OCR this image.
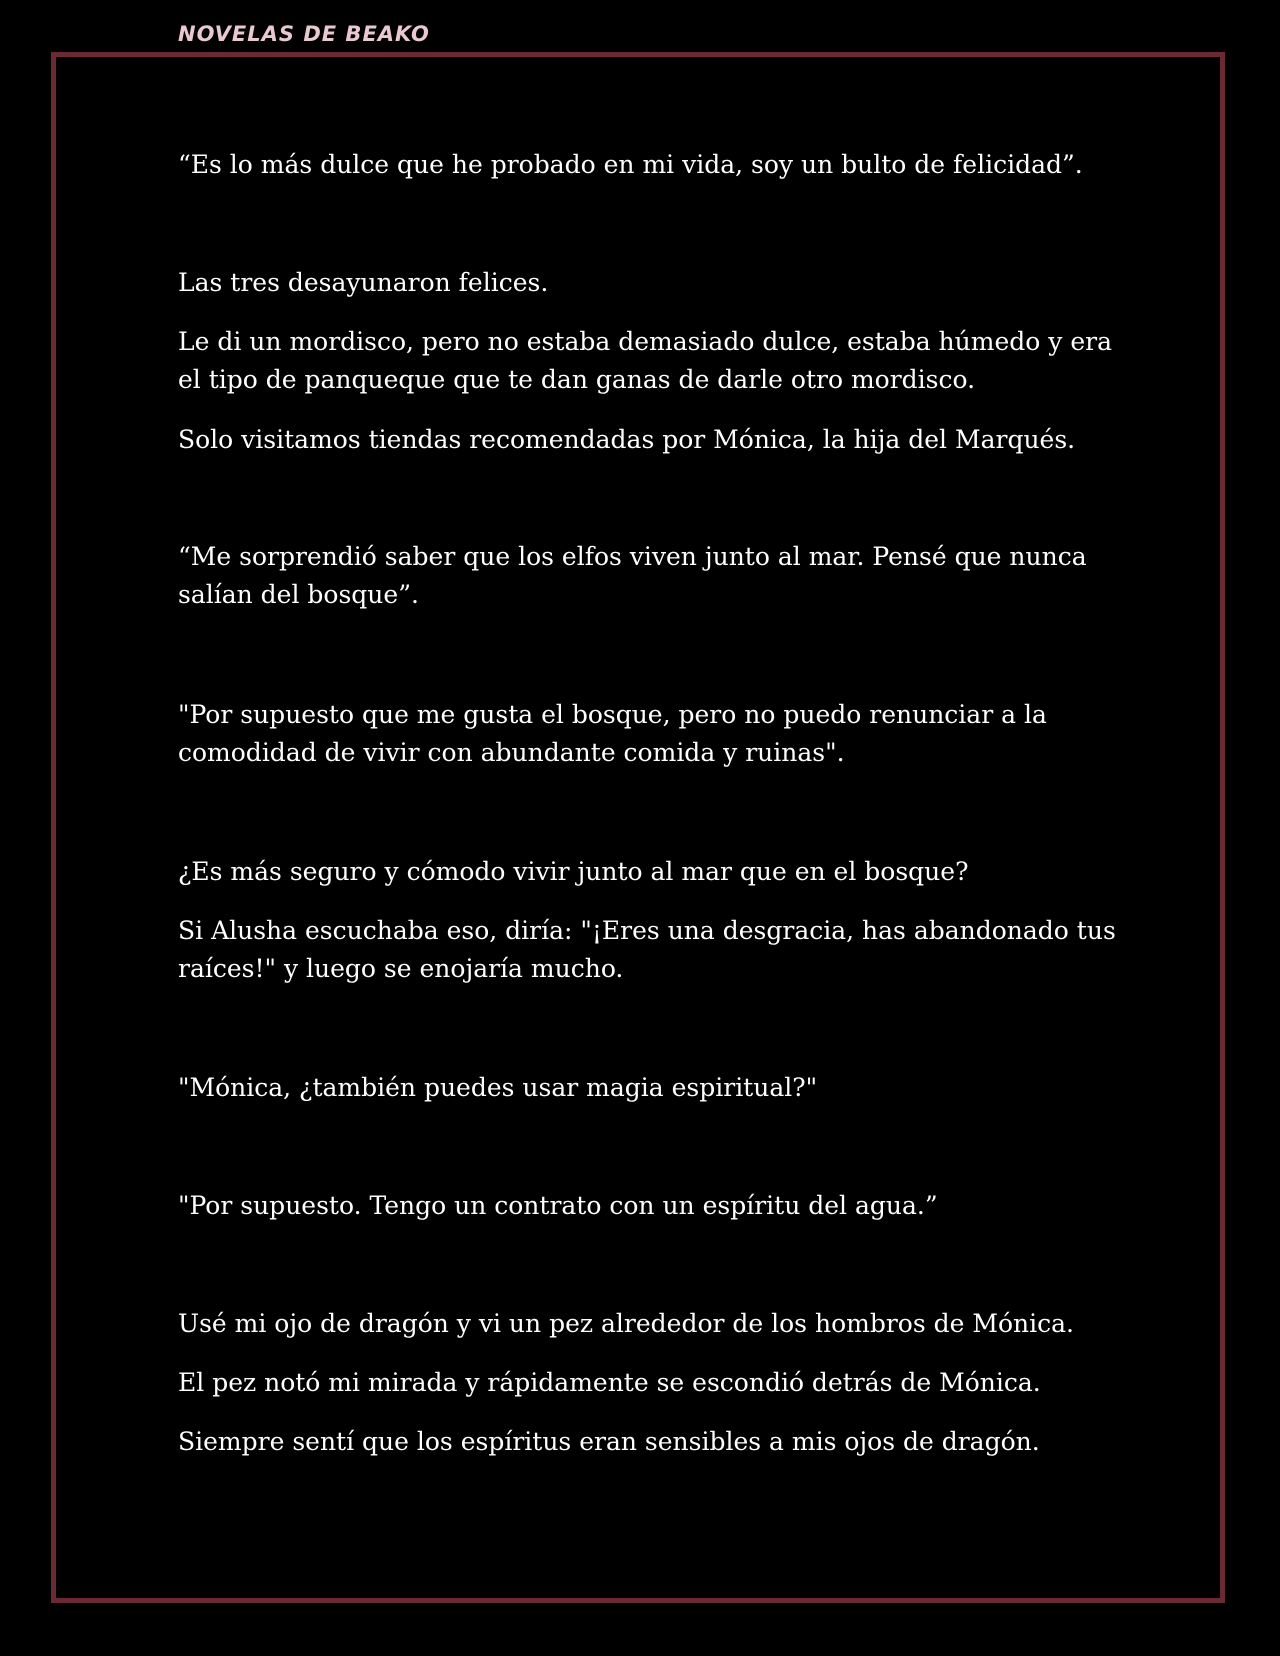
NOVELAS DE BEAKO

“Es lo más dulce que he probado en mi vida, soy un bulto de felicidad”.

Las tres desayunaron felices.

Le di un mordisco, pero no estaba demasiado dulce, estaba húmedo y era el tipo de panqueque que te dan ganas de darle otro mordisco.

Solo visitamos tiendas recomendadas por Mónica, la hija del Marqués.

“Me sorprendió saber que los elfos viven junto al mar. Pensé que nunca salían del bosque”.

"Por supuesto que me gusta el bosque, pero no puedo renunciar a la comodidad de vivir con abundante comida y ruinas".

¿Es más seguro y cómodo vivir junto al mar que en el bosque?

Si Alusha escuchaba eso, diría: "¡Eres una desgracia, has abandonado tus raíces!" y luego se enojaría mucho.

"Mónica, ¿también puedes usar magia espiritual?"

"Por supuesto. Tengo un contrato con un espíritu del agua.”

Usé mi ojo de dragón y vi un pez alrededor de los hombros de Mónica.

El pez notó mi mirada y rápidamente se escondió detrás de Mónica.

Siempre sentí que los espíritus eran sensibles a mis ojos de dragón.
